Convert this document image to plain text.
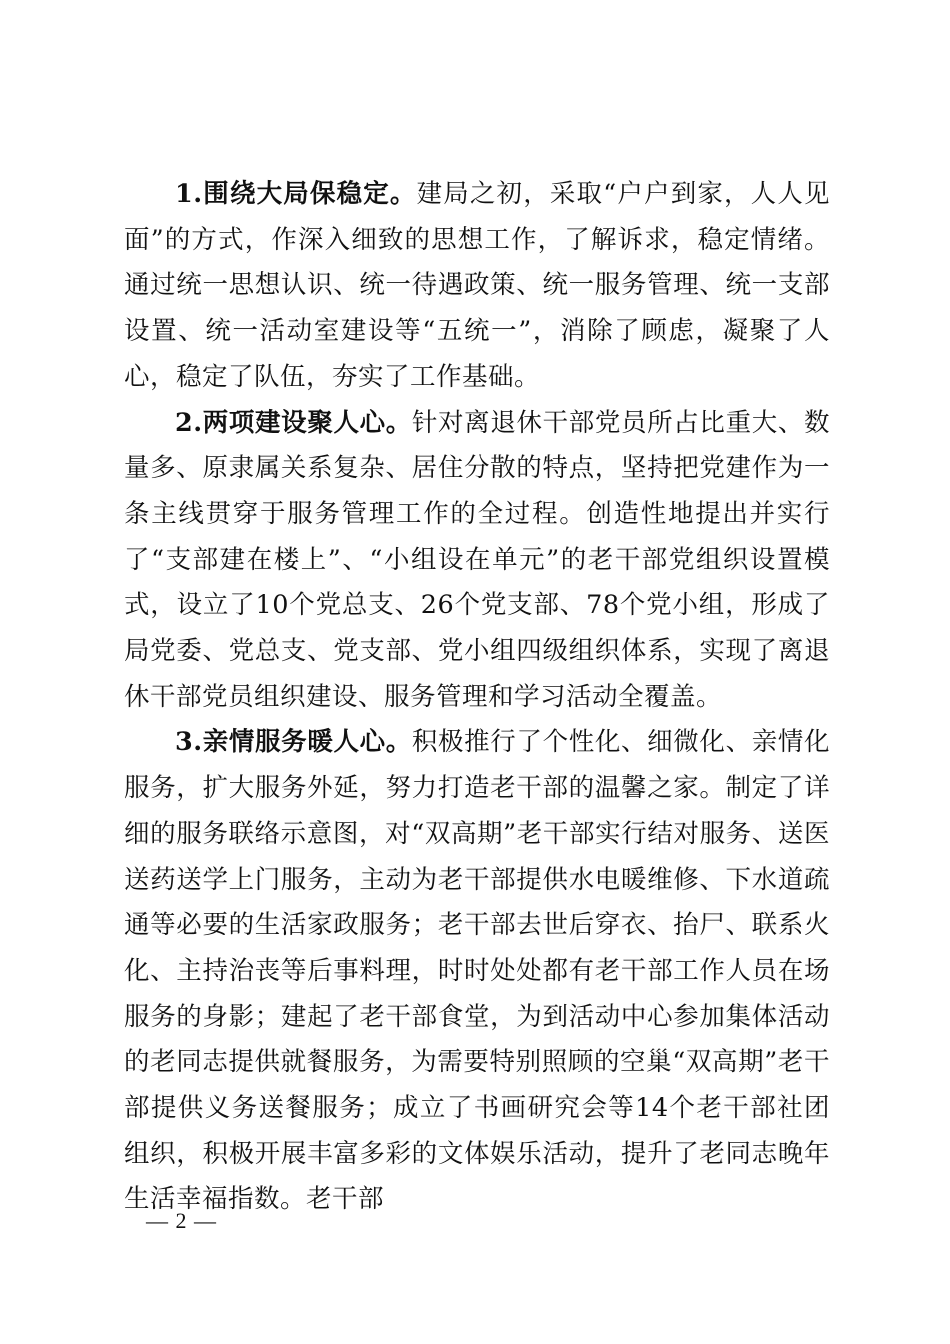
1.围绕大局保稳定。建局之初，采取“户户到家，人人见面”的方式，作深入细致的思想工作，了解诉求，稳定情绪。通过统一思想认识、统一待遇政策、统一服务管理、统一支部设置、统一活动室建设等“五统一”，消除了顾虑，凝聚了人心，稳定了队伍，夯实了工作基础。

2.两项建设聚人心。针对离退休干部党员所占比重大、数量多、原隶属关系复杂、居住分散的特点，坚持把党建作为一条主线贯穿于服务管理工作的全过程。创造性地提出并实行了“支部建在楼上”、“小组设在单元”的老干部党组织设置模式，设立了10个党总支、26个党支部、78个党小组，形成了局党委、党总支、党支部、党小组四级组织体系，实现了离退休干部党员组织建设、服务管理和学习活动全覆盖。

3.亲情服务暖人心。积极推行了个性化、细微化、亲情化服务，扩大服务外延，努力打造老干部的温馨之家。制定了详细的服务联络示意图，对“双高期”老干部实行结对服务、送医送药送学上门服务，主动为老干部提供水电暖维修、下水道疏通等必要的生活家政服务；老干部去世后穿衣、抬尸、联系火化、主持治丧等后事料理，时时处处都有老干部工作人员在场服务的身影；建起了老干部食堂，为到活动中心参加集体活动的老同志提供就餐服务，为需要特别照顾的空巢“双高期”老干部提供义务送餐服务；成立了书画研究会等14个老干部社团组织，积极开展丰富多彩的文体娱乐活动，提升了老同志晚年生活幸福指数。老干部

— 2 —
